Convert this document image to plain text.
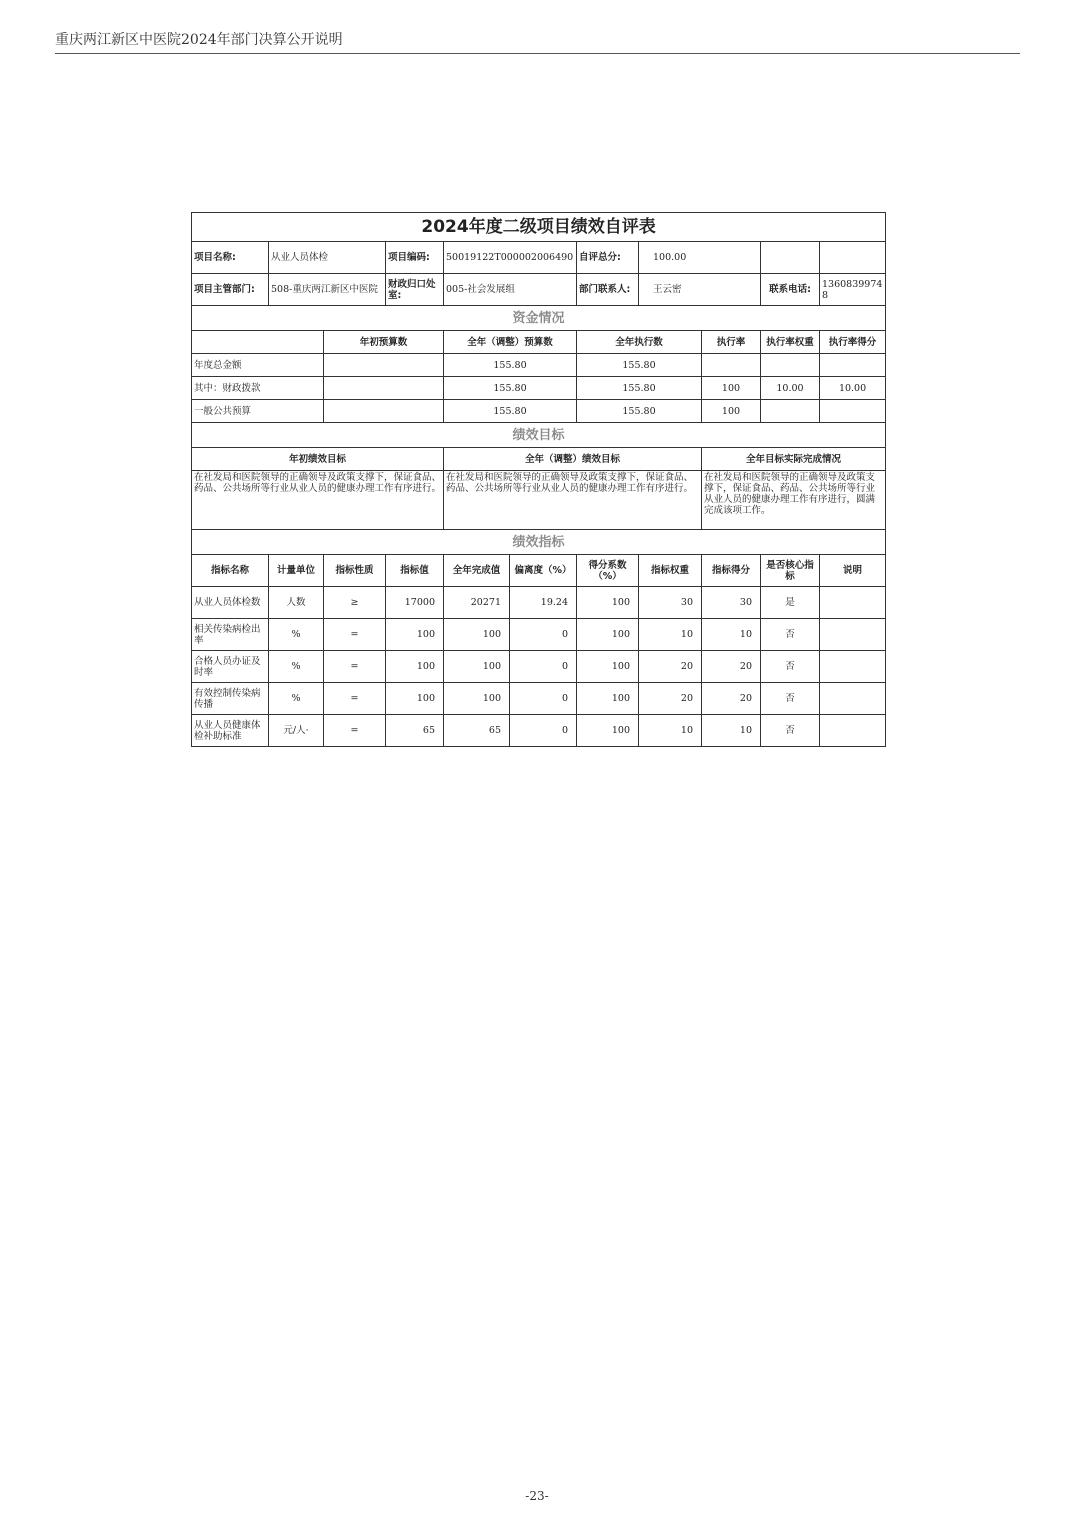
重庆两江新区中医院2024年部门决算公开说明
2024年度二级项目绩效自评表										
项目名称:	从业人员体检		项目编码:	50019122T000002006490		自评总分:	100.00			
项目主管部门:	508-重庆两江新区中医院		财政归口处室:	005-社会发展组		部门联系人:	王云密		联系电话:	13608399748
资金情况										
		年初预算数		全年（调整）预算数		全年执行数		执行率	执行率权重	执行率得分
年度总金额				155.80		155.80				
其中：财政拨款				155.80		155.80		100	10.00	10.00
一般公共预算				155.80		155.80		100		
绩效目标										
年初绩效目标				全年（调整）绩效目标				全年目标实际完成情况		
在社发局和医院领导的正确领导及政策支撑下，保证食品、药品、公共场所等行业从业人员的健康办理工作有序进行。				在社发局和医院领导的正确领导及政策支撑下，保证食品、药品、公共场所等行业从业人员的健康办理工作有序进行。				在社发局和医院领导的正确领导及政策支撑下，保证食品、药品、公共场所等行业从业人员的健康办理工作有序进行，圆满完成该项工作。		
绩效指标										
指标名称	计量单位	指标性质	指标值	全年完成值	偏离度（%）	得分系数（%）	指标权重	指标得分	是否核心指标	说明
从业人员体检数	人数	≥	17000	20271	19.24	100	30	30	是	
相关传染病检出率	%	=	100	100	0	100	10	10	否	
合格人员办证及时率	%	=	100	100	0	100	20	20	否	
有效控制传染病传播	%	=	100	100	0	100	20	20	否	
从业人员健康体检补助标准	元/人·	=	65	65	0	100	10	10	否	
-23-
